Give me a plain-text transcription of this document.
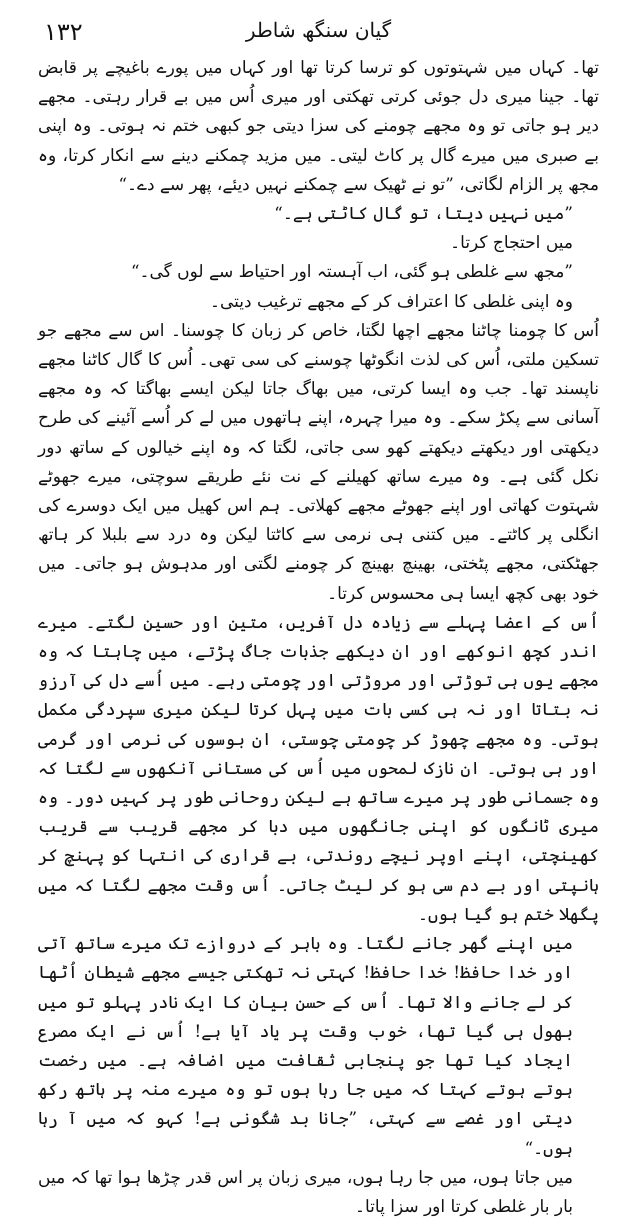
۱۳۲	گیان سنگھ شاطر

تھا۔ کہاں میں شہتوتوں کو ترسا کرتا تھا اور کہاں میں پورے باغیچے پر قابض تھا۔ جینا میری دل جوئی کرتی تھکتی اور میری اُس میں بے قرار رہتی۔ مجھے دیر ہو جاتی تو وہ مجھے چومنے کی سزا دیتی جو کبھی ختم نہ ہوتی۔ وہ اپنی بے صبری میں میرے گال پر کاٹ لیتی۔ میں مزید چمکنے دینے سے انکار کرتا، وہ مجھ پر الزام لگاتی، ”تو نے ٹھیک سے چمکنے نہیں دیئے، پھر سے دے۔“

”میں نہیں دیتا، تو گال کاٹتی ہے۔“

میں احتجاج کرتا۔

”مجھ سے غلطی ہو گئی، اب آہستہ اور احتیاط سے لوں گی۔“

وہ اپنی غلطی کا اعتراف کر کے مجھے ترغیب دیتی۔

اُس کا چومنا چاٹنا مجھے اچھا لگتا، خاص کر زبان کا چوسنا۔ اس سے مجھے جو تسکین ملتی، اُس کی لذت انگوٹھا چوسنے کی سی تھی۔ اُس کا گال کاٹنا مجھے ناپسند تھا۔ جب وہ ایسا کرتی، میں بھاگ جاتا لیکن ایسے بھاگتا کہ وہ مجھے آسانی سے پکڑ سکے۔ وہ میرا چہرہ، اپنے ہاتھوں میں لے کر اُسے آئینے کی طرح دیکھتی اور دیکھتے دیکھتے کھو سی جاتی، لگتا کہ وہ اپنے خیالوں کے ساتھ دور نکل گئی ہے۔ وہ میرے ساتھ کھیلنے کے نت نئے طریقے سوچتی، میرے جھوٹے شہتوت کھاتی اور اپنے جھوٹے مجھے کھلاتی۔ ہم اس کھیل میں ایک دوسرے کی انگلی پر کاٹتے۔ میں کتنی ہی نرمی سے کاٹتا لیکن وہ درد سے بلبلا کر ہاتھ جھٹکتی، مجھے پٹختی، بھینچ بھینچ کر چومنے لگتی اور مدہوش ہو جاتی۔ میں خود بھی کچھ ایسا ہی محسوس کرتا۔

اُس کے اعضا پہلے سے زیادہ دل آفریں، متین اور حسین لگتے۔ میرے اندر کچھ انوکھے اور ان دیکھے جذبات جاگ پڑتے، میں چاہتا کہ وہ مجھے یوں ہی توڑتی اور مروڑتی اور چومتی رہے۔ میں اُسے دل کی آرزو نہ بتاتا اور نہ ہی کسی بات میں پہل کرتا لیکن میری سپردگی مکمل ہوتی۔ وہ مجھے چھوڑ کر چومتی چوستی، ان بوسوں کی نرمی اور گرمی اور ہی ہوتی۔ ان نازک لمحوں میں اُس کی مستانی آنکھوں سے لگتا کہ وہ جسمانی طور پر میرے ساتھ ہے لیکن روحانی طور پر کہیں دور۔ وہ میری ٹانگوں کو اپنی جانگھوں میں دبا کر مجھے قریب سے قریب کھینچتی، اپنے اوپر نیچے روندتی، بے قراری کی انتہا کو پہنچ کر ہانپتی اور بے دم سی ہو کر لیٹ جاتی۔ اُس وقت مجھے لگتا کہ میں پگھلا ختم ہو گیا ہوں۔

میں اپنے گھر جانے لگتا۔ وہ باہر کے دروازے تک میرے ساتھ آتی اور خدا حافظ! خدا حافظ! کہتی نہ تھکتی جیسے مجھے شیطان اُٹھا کر لے جانے والا تھا۔ اُس کے حسن بیان کا ایک نادر پہلو تو میں بھول ہی گیا تھا، خوب وقت پر یاد آیا ہے! اُس نے ایک مصرع ایجاد کیا تھا جو پنجابی ثقافت میں اضافہ ہے۔ میں رخصت ہوتے ہوتے کہتا کہ میں جا رہا ہوں تو وہ میرے منہ پر ہاتھ رکھ دیتی اور غصے سے کہتی، ”جانا بد شگونی ہے! کہو کہ میں آ رہا ہوں۔“

میں جاتا ہوں، میں جا رہا ہوں، میری زبان پر اس قدر چڑھا ہوا تھا کہ میں بار بار غلطی کرتا اور سزا پاتا۔
